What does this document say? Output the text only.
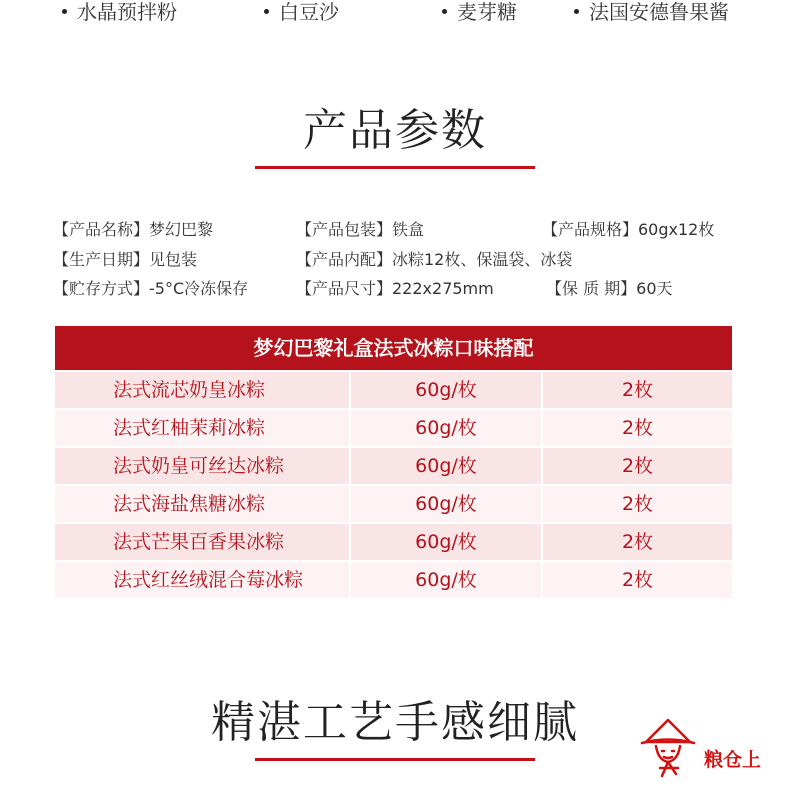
水晶预拌粉	白豆沙	麦芽糖	法国安德鲁果酱
产品参数
【产品名称】梦幻巴黎	【产品包装】铁盒	【产品规格】60gx12枚
【生产日期】见包装	【产品内配】冰粽12枚、保温袋、冰袋
【贮存方式】-5°C冷冻保存	【产品尺寸】222x275mm	【保 质 期】60天
梦幻巴黎礼盒法式冰粽口味搭配
法式流芯奶皇冰粽	60g/枚	2枚
法式红柚茉莉冰粽	60g/枚	2枚
法式奶皇可丝达冰粽	60g/枚	2枚
法式海盐焦糖冰粽	60g/枚	2枚
法式芒果百香果冰粽	60g/枚	2枚
法式红丝绒混合莓冰粽	60g/枚	2枚
精湛工艺手感细腻
粮仓上
